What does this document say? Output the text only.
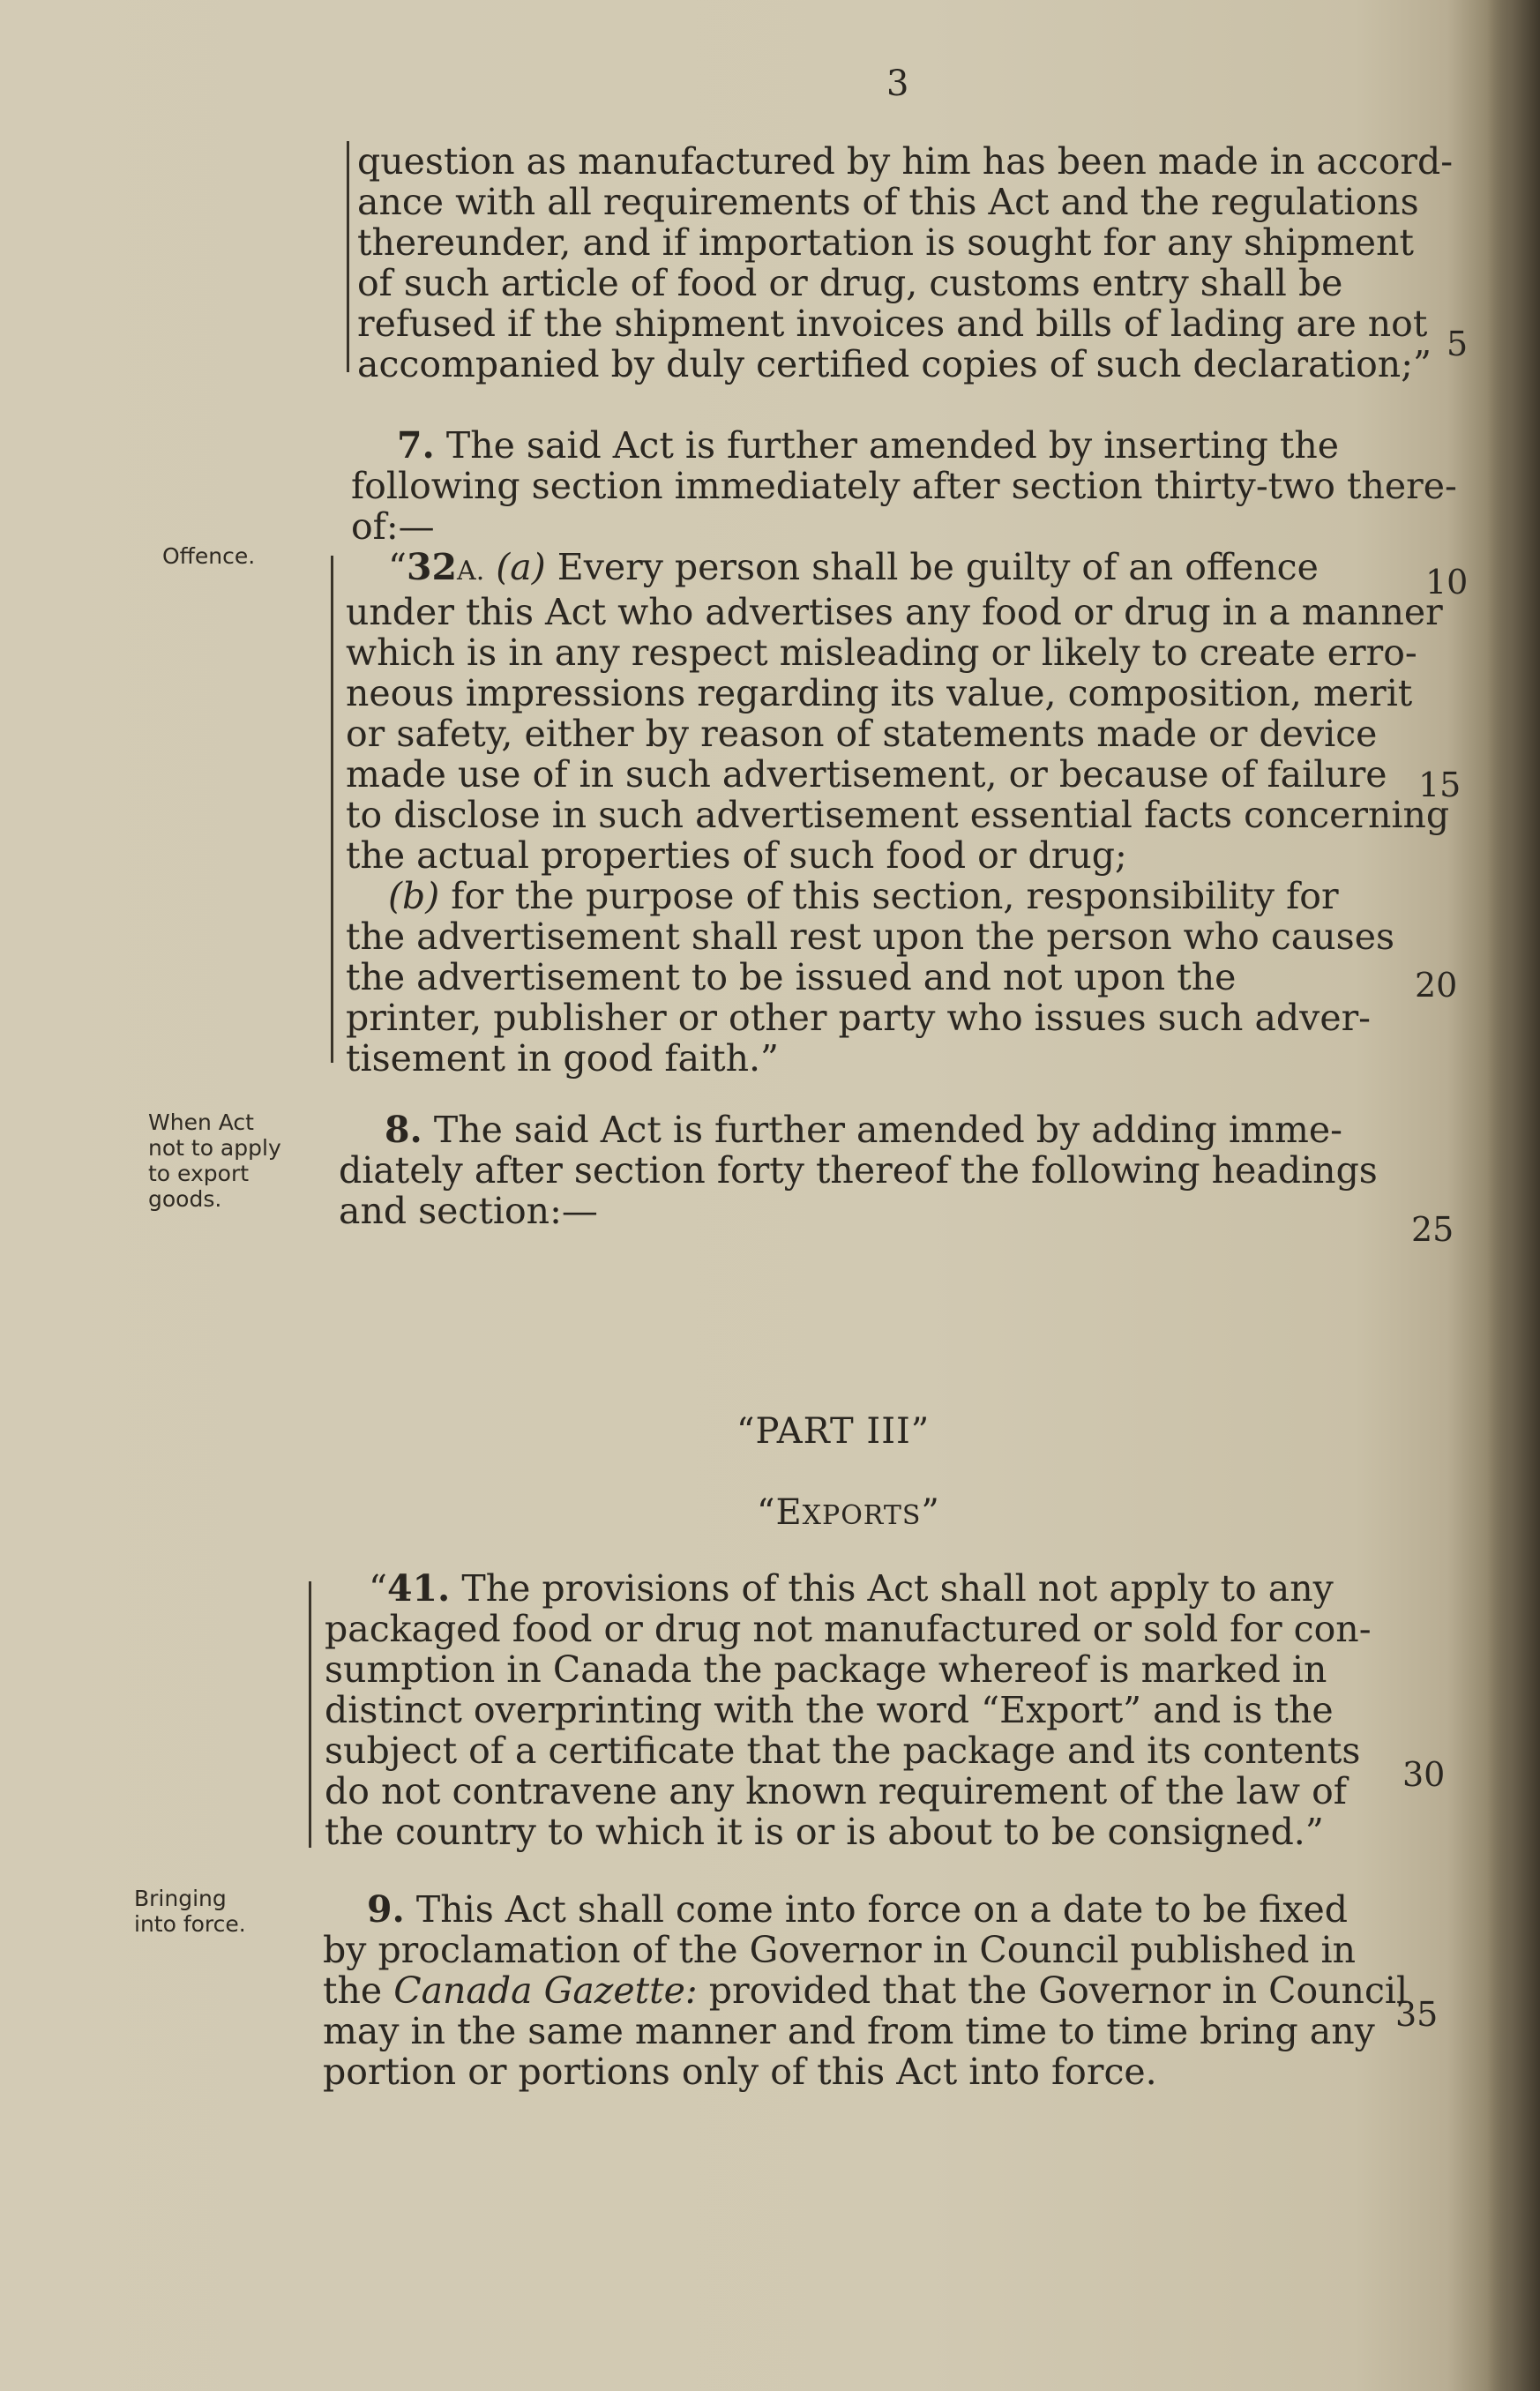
3
question as manufactured by him has been made in accord-
ance with all requirements of this Act and the regulations
thereunder, and if importation is sought for any shipment
of such article of food or drug, customs entry shall be
refused if the shipment invoices and bills of lading are not
accompanied by duly certified copies of such declaration;”
7. The said Act is further amended by inserting the
following section immediately after section thirty-two there-
of:—
Offence.	“32A. (a) Every person shall be guilty of an offence
under this Act who advertises any food or drug in a manner
which is in any respect misleading or likely to create erro-
neous impressions regarding its value, composition, merit
or safety, either by reason of statements made or device
made use of in such advertisement, or because of failure
to disclose in such advertisement essential facts concerning
the actual properties of such food or drug;
(b) for the purpose of this section, responsibility for
the advertisement shall rest upon the person who causes
the advertisement to be issued and not upon the
printer, publisher or other party who issues such adver-
tisement in good faith.”
When Act
not to apply
to export
goods.
8. The said Act is further amended by adding imme-
diately after section forty thereof the following headings
and section:—
“PART III”
“EXPORTS”
“41. The provisions of this Act shall not apply to any
packaged food or drug not manufactured or sold for con-
sumption in Canada the package whereof is marked in
distinct overprinting with the word “Export” and is the
subject of a certificate that the package and its contents
do not contravene any known requirement of the law of
the country to which it is or is about to be consigned.”
Bringing
into force.	9. This Act shall come into force on a date to be fixed
by proclamation of the Governor in Council published in
the Canada Gazette: provided that the Governor in Council
may in the same manner and from time to time bring any
portion or portions only of this Act into force.
5
10
15
20
25
30
35
